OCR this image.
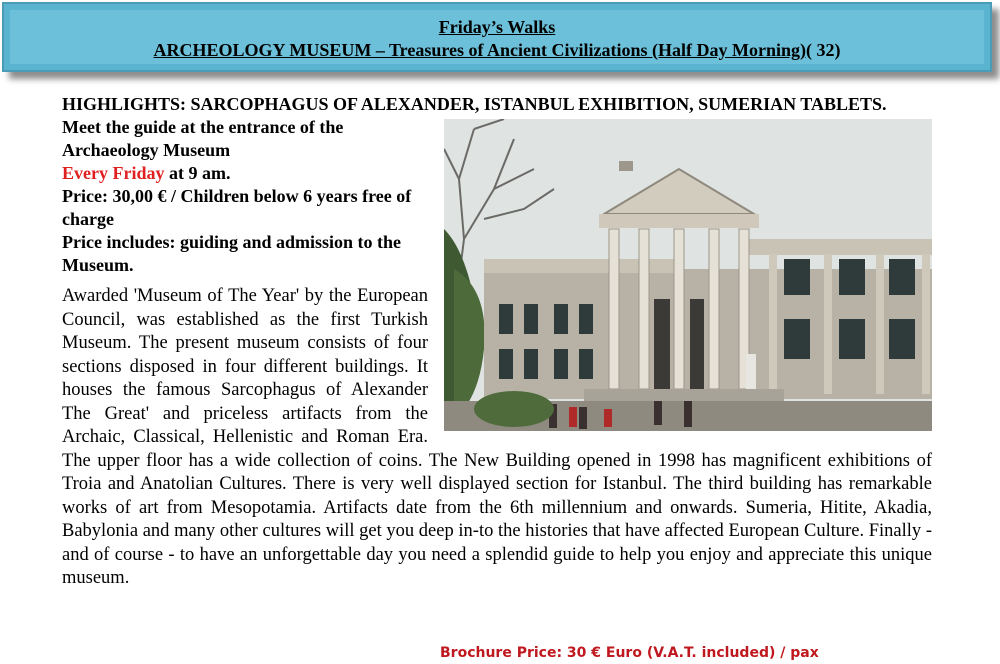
Friday’s Walks
ARCHEOLOGY MUSEUM – Treasures of Ancient Civilizations (Half Day Morning)( 32)

HIGHLIGHTS: SARCOPHAGUS OF ALEXANDER, ISTANBUL EXHIBITION, SUMERIAN TABLETS.

Meet the guide at the entrance of the Archaeology Museum

Every Friday at 9 am.

Price: 30,00 € / Children below 6 years free of charge

Price includes: guiding and admission to the Museum.

Awarded 'Museum of The Year' by the European Council, was established as the first Turkish Museum. The present museum consists of four sections disposed in four different buildings. It houses the famous Sarcophagus of Alexander The Great' and priceless artifacts from the Archaic, Classical, Hellenistic and Roman Era. The upper floor has a wide collection of coins. The New Building opened in 1998 has magnificent exhibitions of Troia and Anatolian Cultures. There is very well displayed section for Istanbul. The third building has remarkable works of art from Mesopotamia. Artifacts date from the 6th millennium and onwards. Sumeria, Hitite, Akadia, Babylonia and many other cultures will get you deep in-to the histories that have affected European Culture. Finally - and of course - to have an unforgettable day you need a splendid guide to help you enjoy and appreciate this unique museum.

Brochure Price: 30 € Euro (V.A.T. included) / pax
